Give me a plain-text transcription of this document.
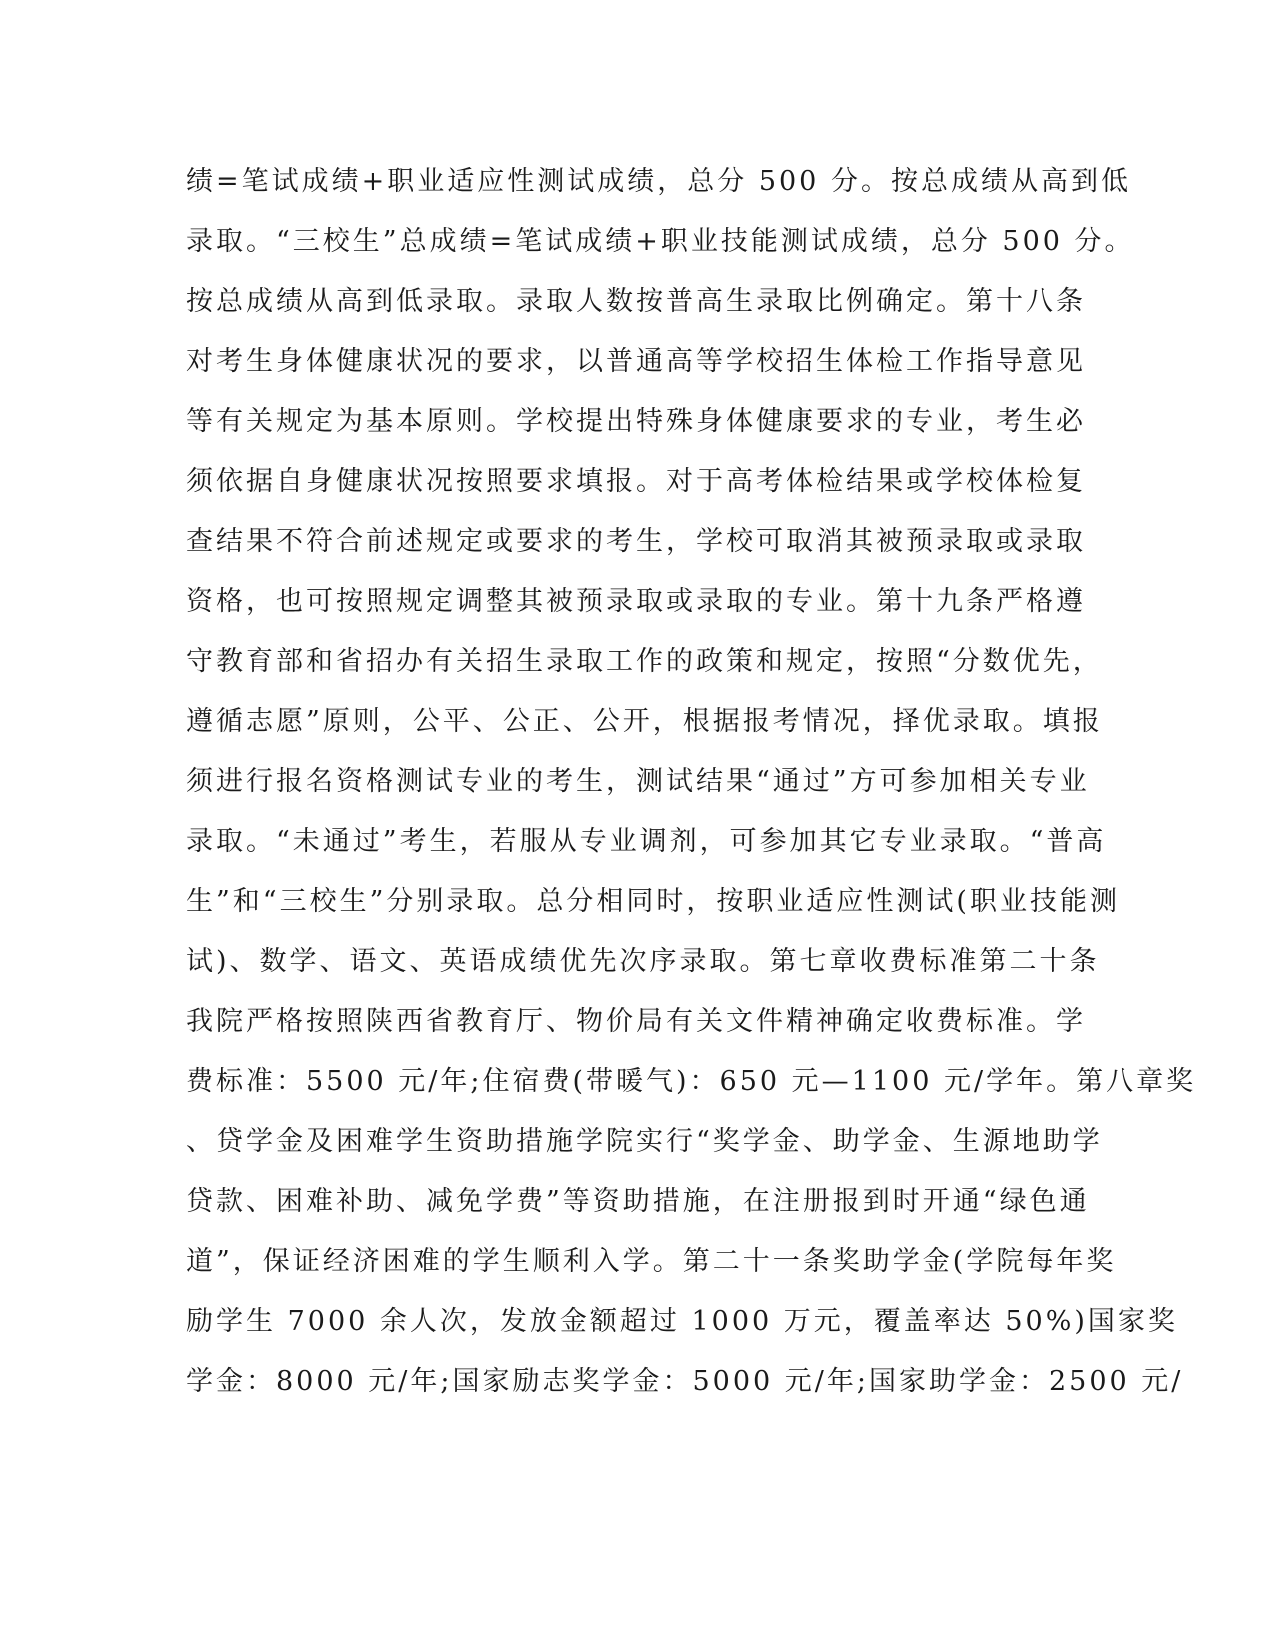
绩=笔试成绩+职业适应性测试成绩，总分 500 分。按总成绩从高到低
录取。“三校生”总成绩=笔试成绩+职业技能测试成绩，总分 500 分。
按总成绩从高到低录取。录取人数按普高生录取比例确定。第十八条
对考生身体健康状况的要求，以普通高等学校招生体检工作指导意见
等有关规定为基本原则。学校提出特殊身体健康要求的专业，考生必
须依据自身健康状况按照要求填报。对于高考体检结果或学校体检复
查结果不符合前述规定或要求的考生，学校可取消其被预录取或录取
资格，也可按照规定调整其被预录取或录取的专业。第十九条严格遵
守教育部和省招办有关招生录取工作的政策和规定，按照“分数优先，
遵循志愿”原则，公平、公正、公开，根据报考情况，择优录取。填报
须进行报名资格测试专业的考生，测试结果“通过”方可参加相关专业
录取。“未通过”考生，若服从专业调剂，可参加其它专业录取。“普高
生”和“三校生”分别录取。总分相同时，按职业适应性测试(职业技能测
试)、数学、语文、英语成绩优先次序录取。第七章收费标准第二十条
我院严格按照陕西省教育厅、物价局有关文件精神确定收费标准。学
费标准：5500 元/年;住宿费(带暖气)：650 元—1100 元/学年。第八章奖
、贷学金及困难学生资助措施学院实行“奖学金、助学金、生源地助学
贷款、困难补助、减免学费”等资助措施，在注册报到时开通“绿色通
道”，保证经济困难的学生顺利入学。第二十一条奖助学金(学院每年奖
励学生 7000 余人次，发放金额超过 1000 万元，覆盖率达 50%)国家奖
学金：8000 元/年;国家励志奖学金：5000 元/年;国家助学金：2500 元/
